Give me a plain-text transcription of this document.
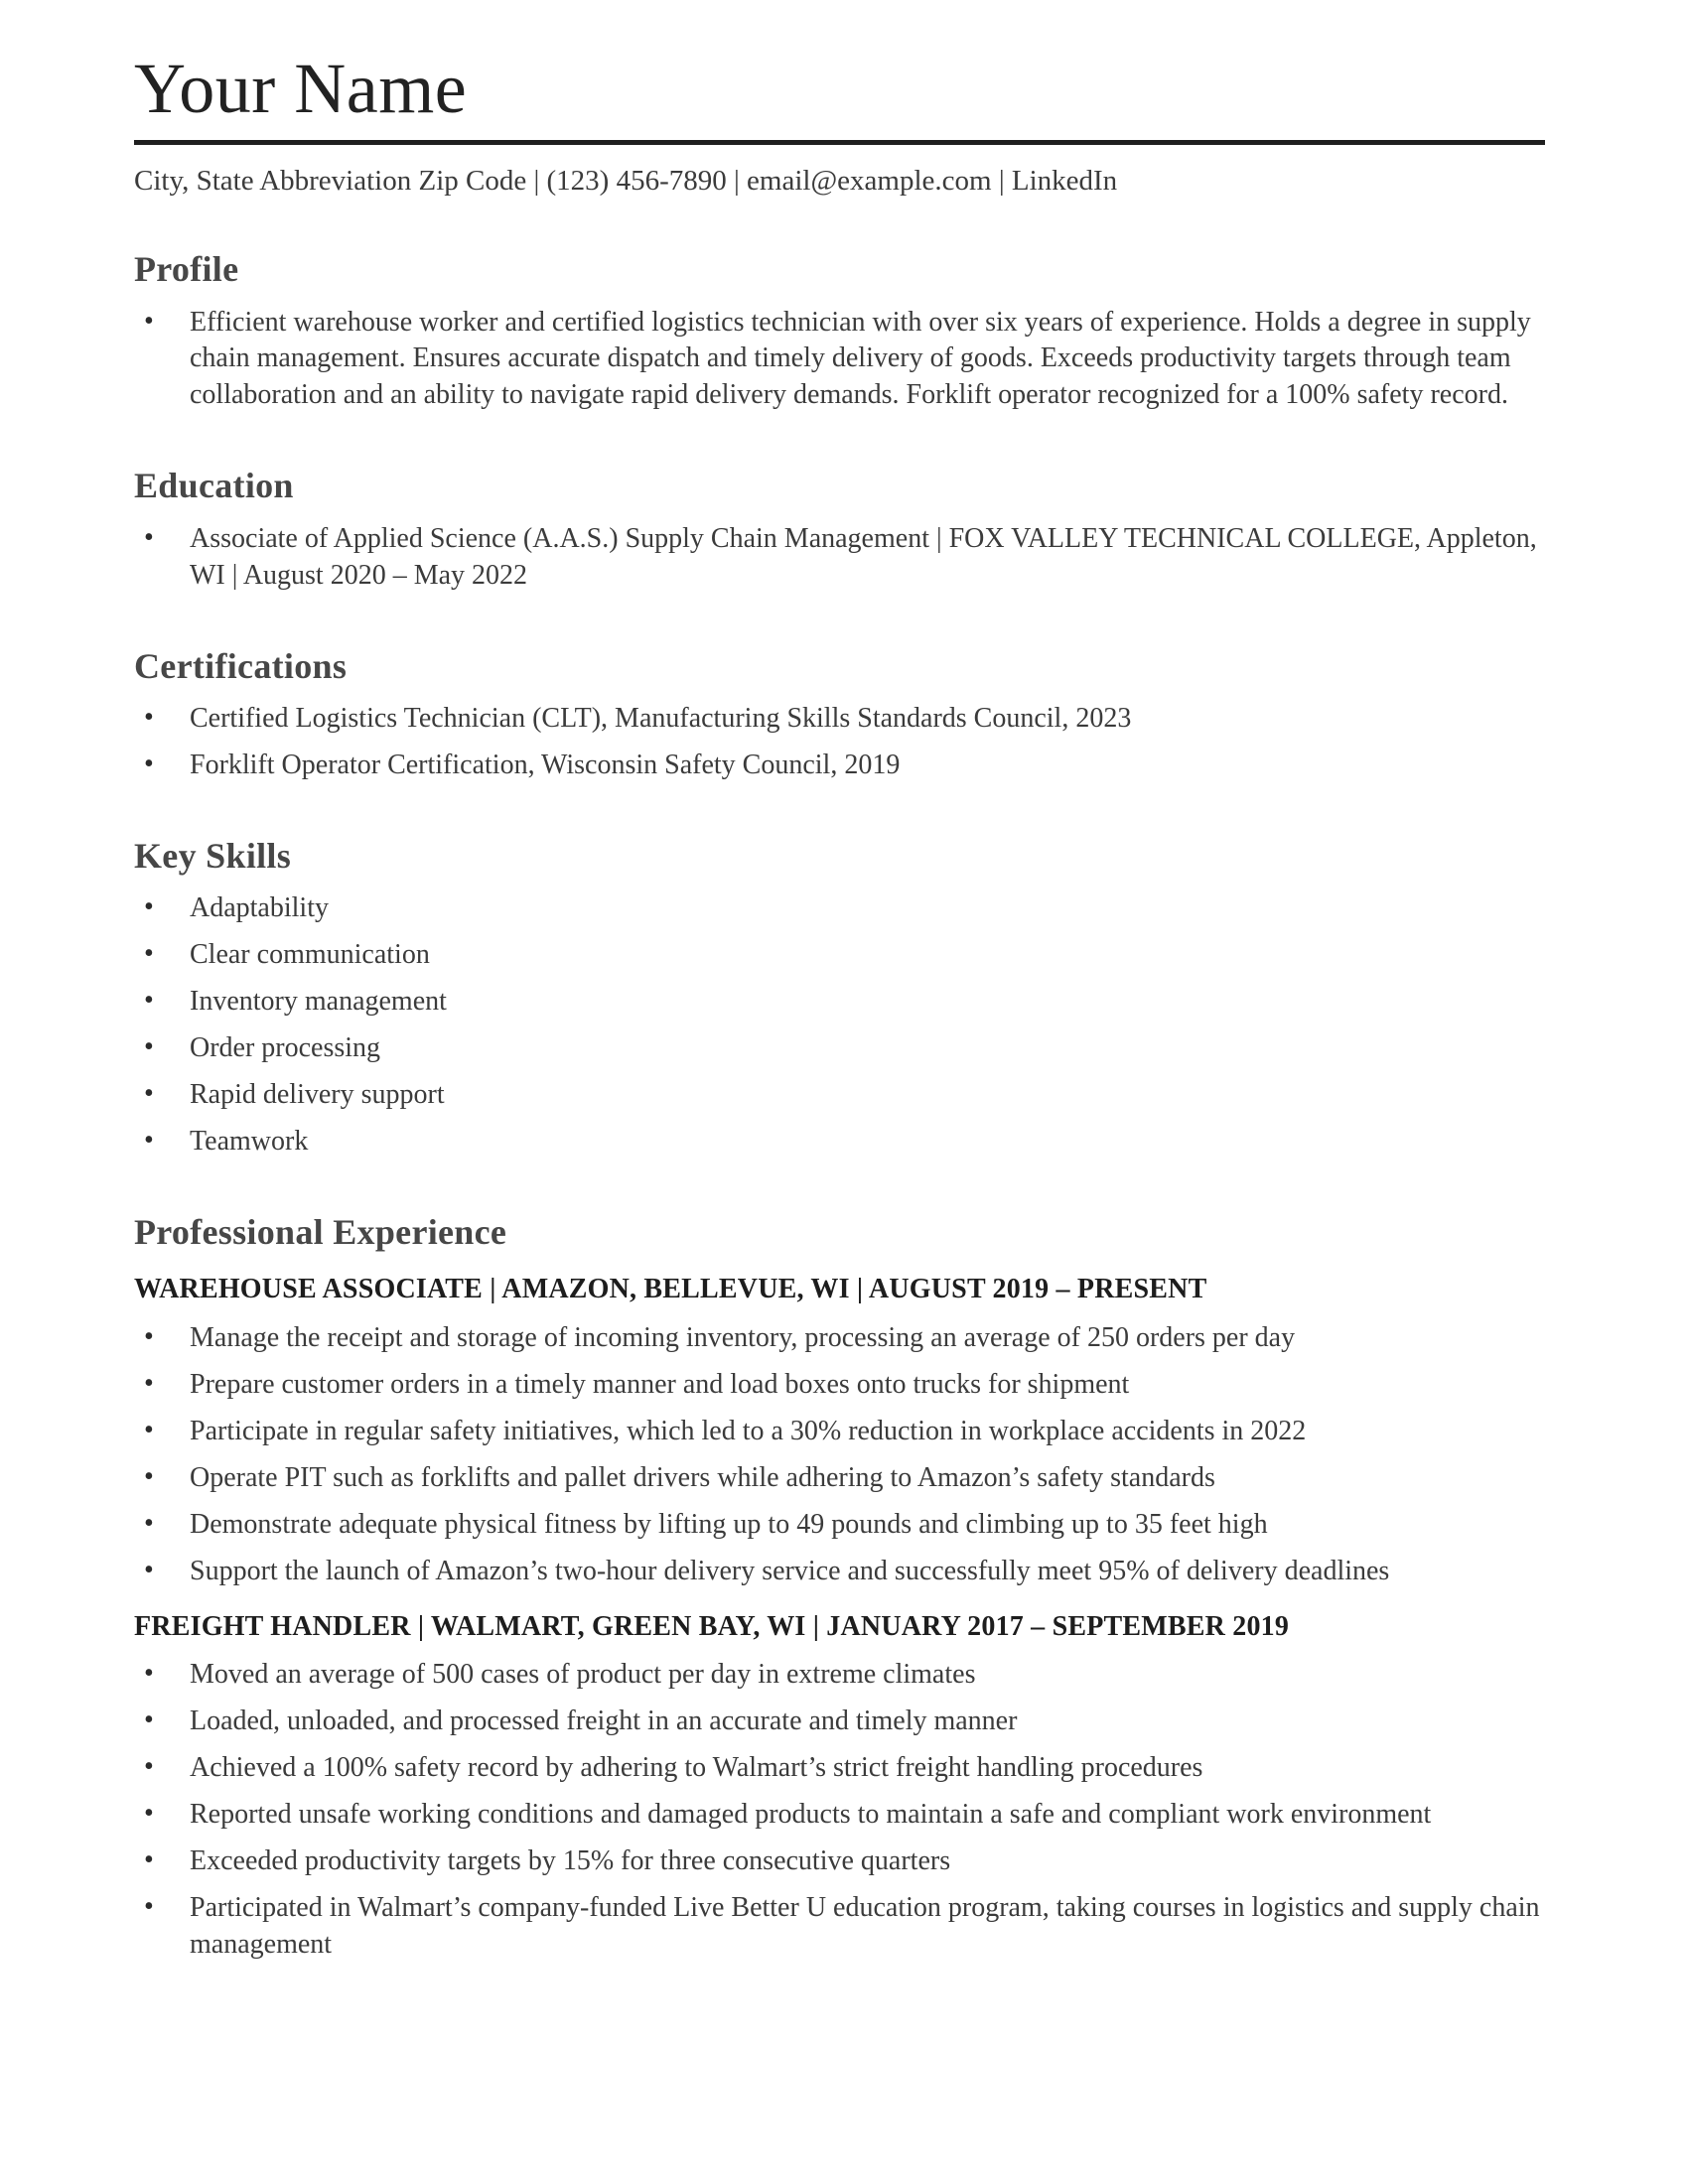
Your Name
City, State Abbreviation Zip Code | (123) 456-7890 | email@example.com | LinkedIn
Profile
• Efficient warehouse worker and certified logistics technician with over six years of experience. Holds a degree in supply chain management. Ensures accurate dispatch and timely delivery of goods. Exceeds productivity targets through team collaboration and an ability to navigate rapid delivery demands. Forklift operator recognized for a 100% safety record.
Education
• Associate of Applied Science (A.A.S.) Supply Chain Management | FOX VALLEY TECHNICAL COLLEGE, Appleton, WI | August 2020 – May 2022
Certifications
• Certified Logistics Technician (CLT), Manufacturing Skills Standards Council, 2023
• Forklift Operator Certification, Wisconsin Safety Council, 2019
Key Skills
• Adaptability
• Clear communication
• Inventory management
• Order processing
• Rapid delivery support
• Teamwork
Professional Experience
WAREHOUSE ASSOCIATE | AMAZON, BELLEVUE, WI | AUGUST 2019 – PRESENT
• Manage the receipt and storage of incoming inventory, processing an average of 250 orders per day
• Prepare customer orders in a timely manner and load boxes onto trucks for shipment
• Participate in regular safety initiatives, which led to a 30% reduction in workplace accidents in 2022
• Operate PIT such as forklifts and pallet drivers while adhering to Amazon’s safety standards
• Demonstrate adequate physical fitness by lifting up to 49 pounds and climbing up to 35 feet high
• Support the launch of Amazon’s two-hour delivery service and successfully meet 95% of delivery deadlines
FREIGHT HANDLER | WALMART, GREEN BAY, WI | JANUARY 2017 – SEPTEMBER 2019
• Moved an average of 500 cases of product per day in extreme climates
• Loaded, unloaded, and processed freight in an accurate and timely manner
• Achieved a 100% safety record by adhering to Walmart’s strict freight handling procedures
• Reported unsafe working conditions and damaged products to maintain a safe and compliant work environment
• Exceeded productivity targets by 15% for three consecutive quarters
• Participated in Walmart’s company-funded Live Better U education program, taking courses in logistics and supply chain management
